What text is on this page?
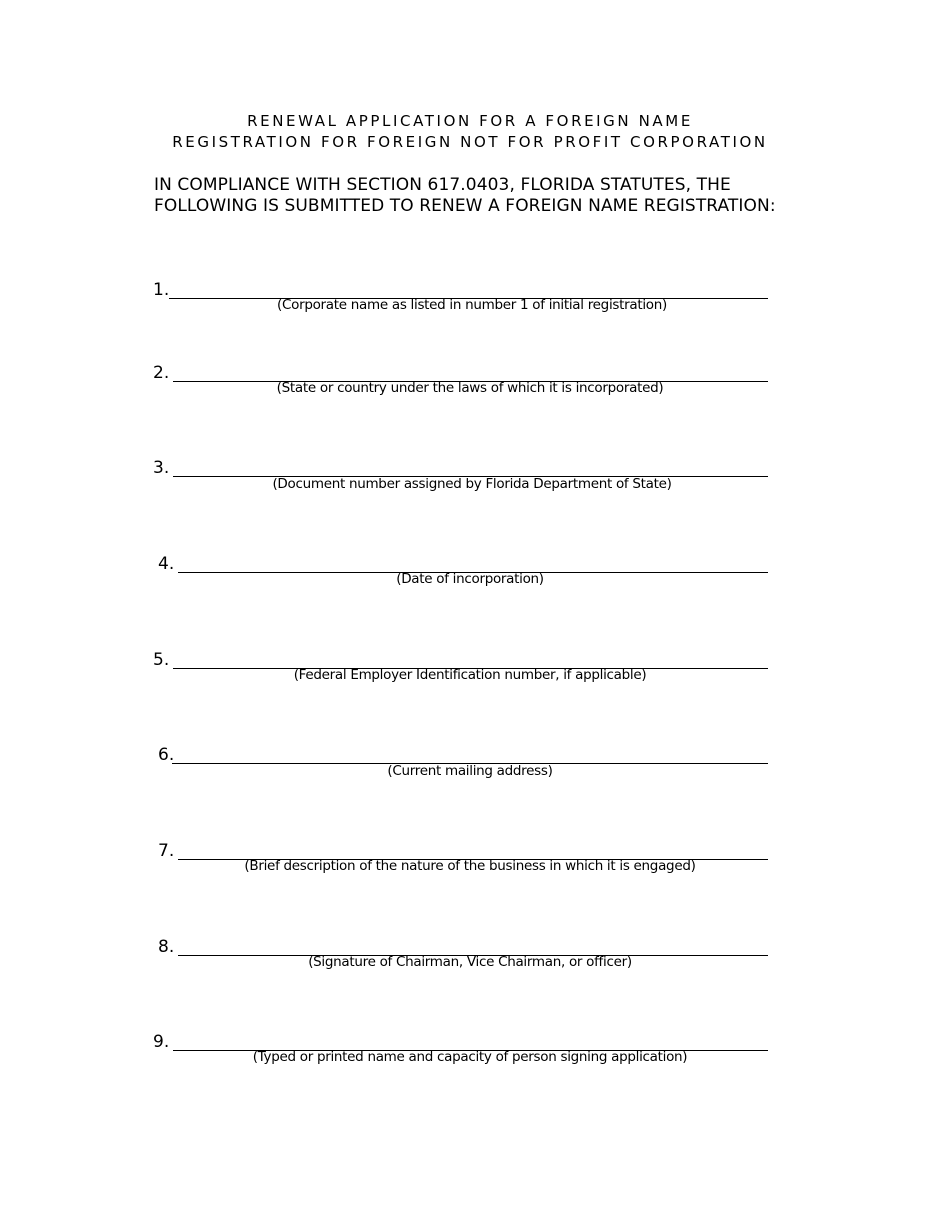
RENEWAL APPLICATION FOR A FOREIGN NAME
REGISTRATION FOR FOREIGN NOT FOR PROFIT CORPORATION
IN COMPLIANCE WITH SECTION 617.0403, FLORIDA STATUTES, THE
FOLLOWING IS SUBMITTED TO RENEW A FOREIGN NAME REGISTRATION:
1.
(Corporate name as listed in number 1 of initial registration)
2.
(State or country under the laws of which it is incorporated)
3.
(Document number assigned by Florida Department of State)
4.
(Date of incorporation)
5.
(Federal Employer Identification number, if applicable)
6.
(Current mailing address)
7.
(Brief description of the nature of the business in which it is engaged)
8.
(Signature of Chairman, Vice Chairman, or officer)
9.
(Typed or printed name and capacity of person signing application)
